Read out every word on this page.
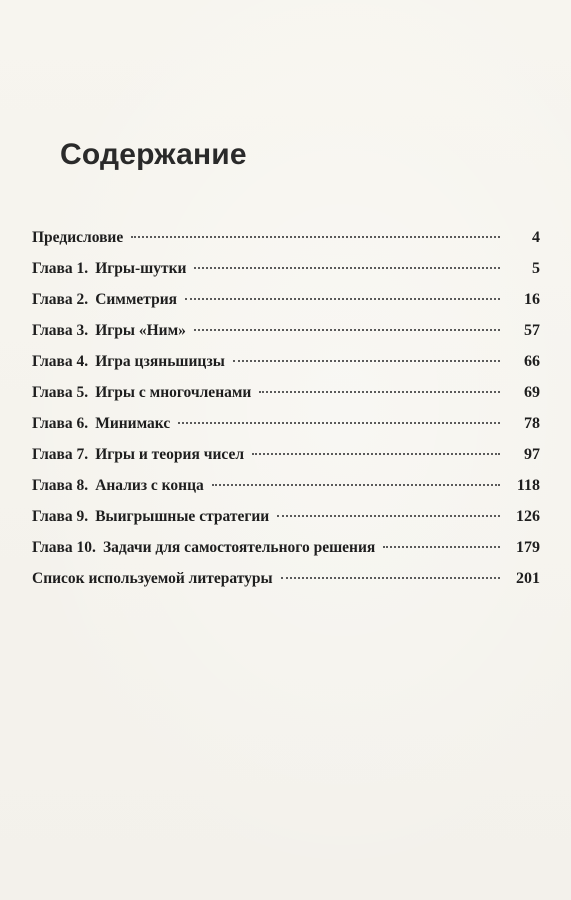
Содержание
Предисловие	4
Глава 1. Игры-шутки	5
Глава 2. Симметрия	16
Глава 3. Игры «Ним»	57
Глава 4. Игра цзяньшицзы	66
Глава 5. Игры с многочленами	69
Глава 6. Минимакс	78
Глава 7. Игры и теория чисел	97
Глава 8. Анализ с конца	118
Глава 9. Выигрышные стратегии	126
Глава 10. Задачи для самостоятельного решения	179
Список используемой литературы	201
